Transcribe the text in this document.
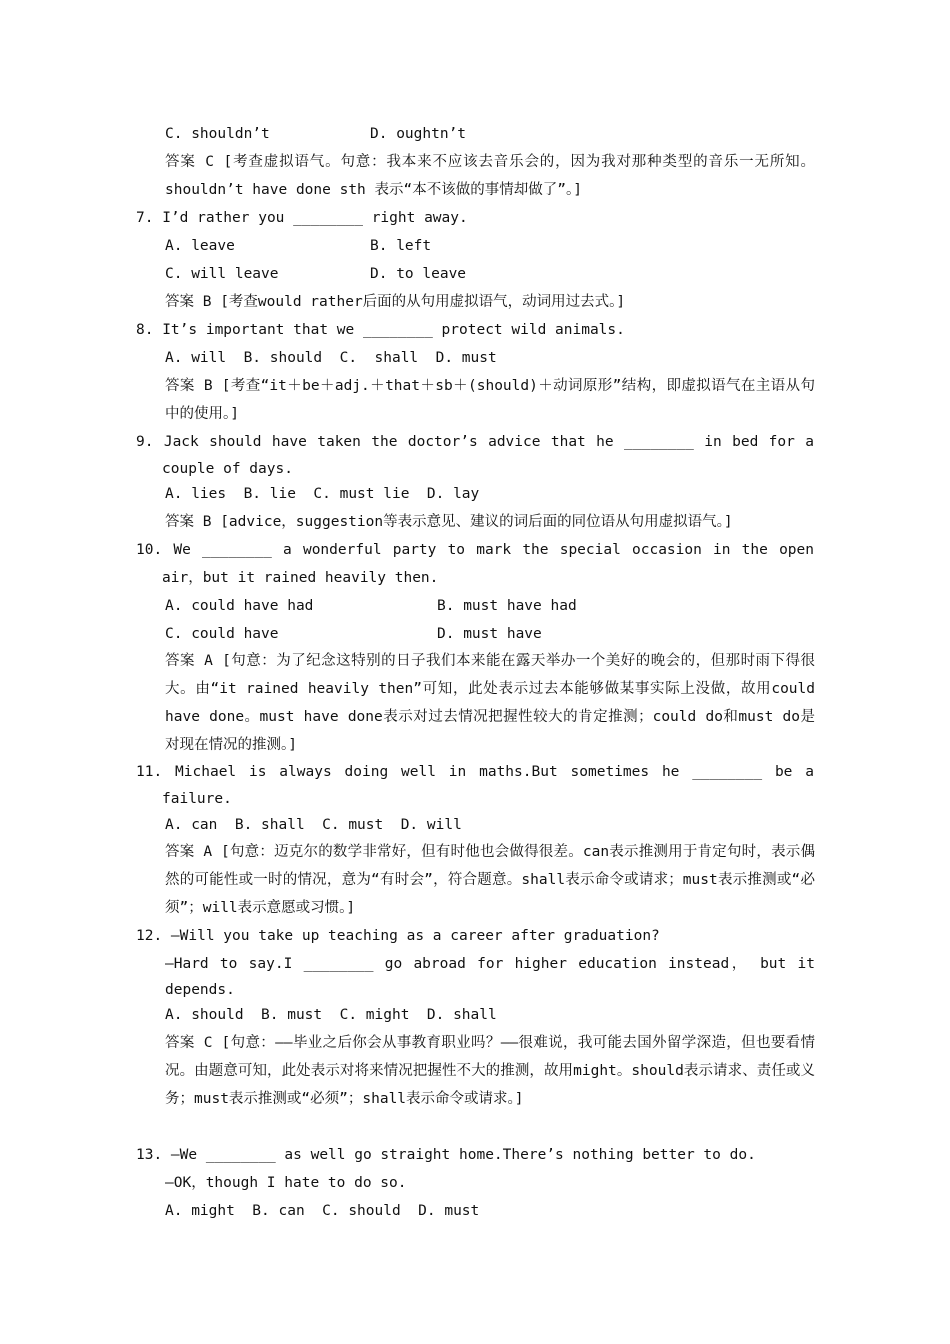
C. shouldn’t	D. oughtn’t
答案 C [考查虚拟语气。句意：我本来不应该去音乐会的，因为我对那种类型的音乐一无所知。shouldn’t have done sth 表示“本不该做的事情却做了”。]
7. I’d rather you ________ right away.
A. leave	B. left
C. will leave	D. to leave
答案 B [考查would rather后面的从句用虚拟语气，动词用过去式。]
8. It’s important that we ________ protect wild animals.
A. will  B. should  C.  shall  D. must
答案 B [考查“it＋be＋adj.＋that＋sb＋(should)＋动词原形”结构，即虚拟语气在主语从句中的使用。]
9. Jack should have taken the doctor’s advice that he ________ in bed for a
couple of days.
A. lies  B. lie  C. must lie  D. lay
答案 B [advice，suggestion等表示意见、建议的词后面的同位语从句用虚拟语气。]
10. We ________ a wonderful party to mark the special occasion in the open
air，but it rained heavily then.
A. could have had	B. must have had
C. could have	D. must have
答案 A [句意：为了纪念这特别的日子我们本来能在露天举办一个美好的晚会的，但那时雨下得很大。由“it rained heavily then”可知，此处表示过去本能够做某事实际上没做，故用could have done。must have done表示对过去情况把握性较大的肯定推测；could do和must do是对现在情况的推测。]
11. Michael is always doing well in maths.But sometimes he ________ be a
failure.
A. can  B. shall  C. must  D. will
答案 A [句意：迈克尔的数学非常好，但有时他也会做得很差。can表示推测用于肯定句时，表示偶然的可能性或一时的情况，意为“有时会”，符合题意。shall表示命令或请求；must表示推测或“必须”；will表示意愿或习惯。]
12. —Will you take up teaching as a career after graduation?
—Hard to say.I ________ go abroad for higher education instead， but it
depends.
A. should  B. must  C. might  D. shall
答案 C [句意：——毕业之后你会从事教育职业吗？——很难说，我可能去国外留学深造，但也要看情况。由题意可知，此处表示对将来情况把握性不大的推测，故用might。should表示请求、责任或义务；must表示推测或“必须”；shall表示命令或请求。]
13. —We ________ as well go straight home.There’s nothing better to do.
—OK，though I hate to do so.
A. might  B. can  C. should  D. must
